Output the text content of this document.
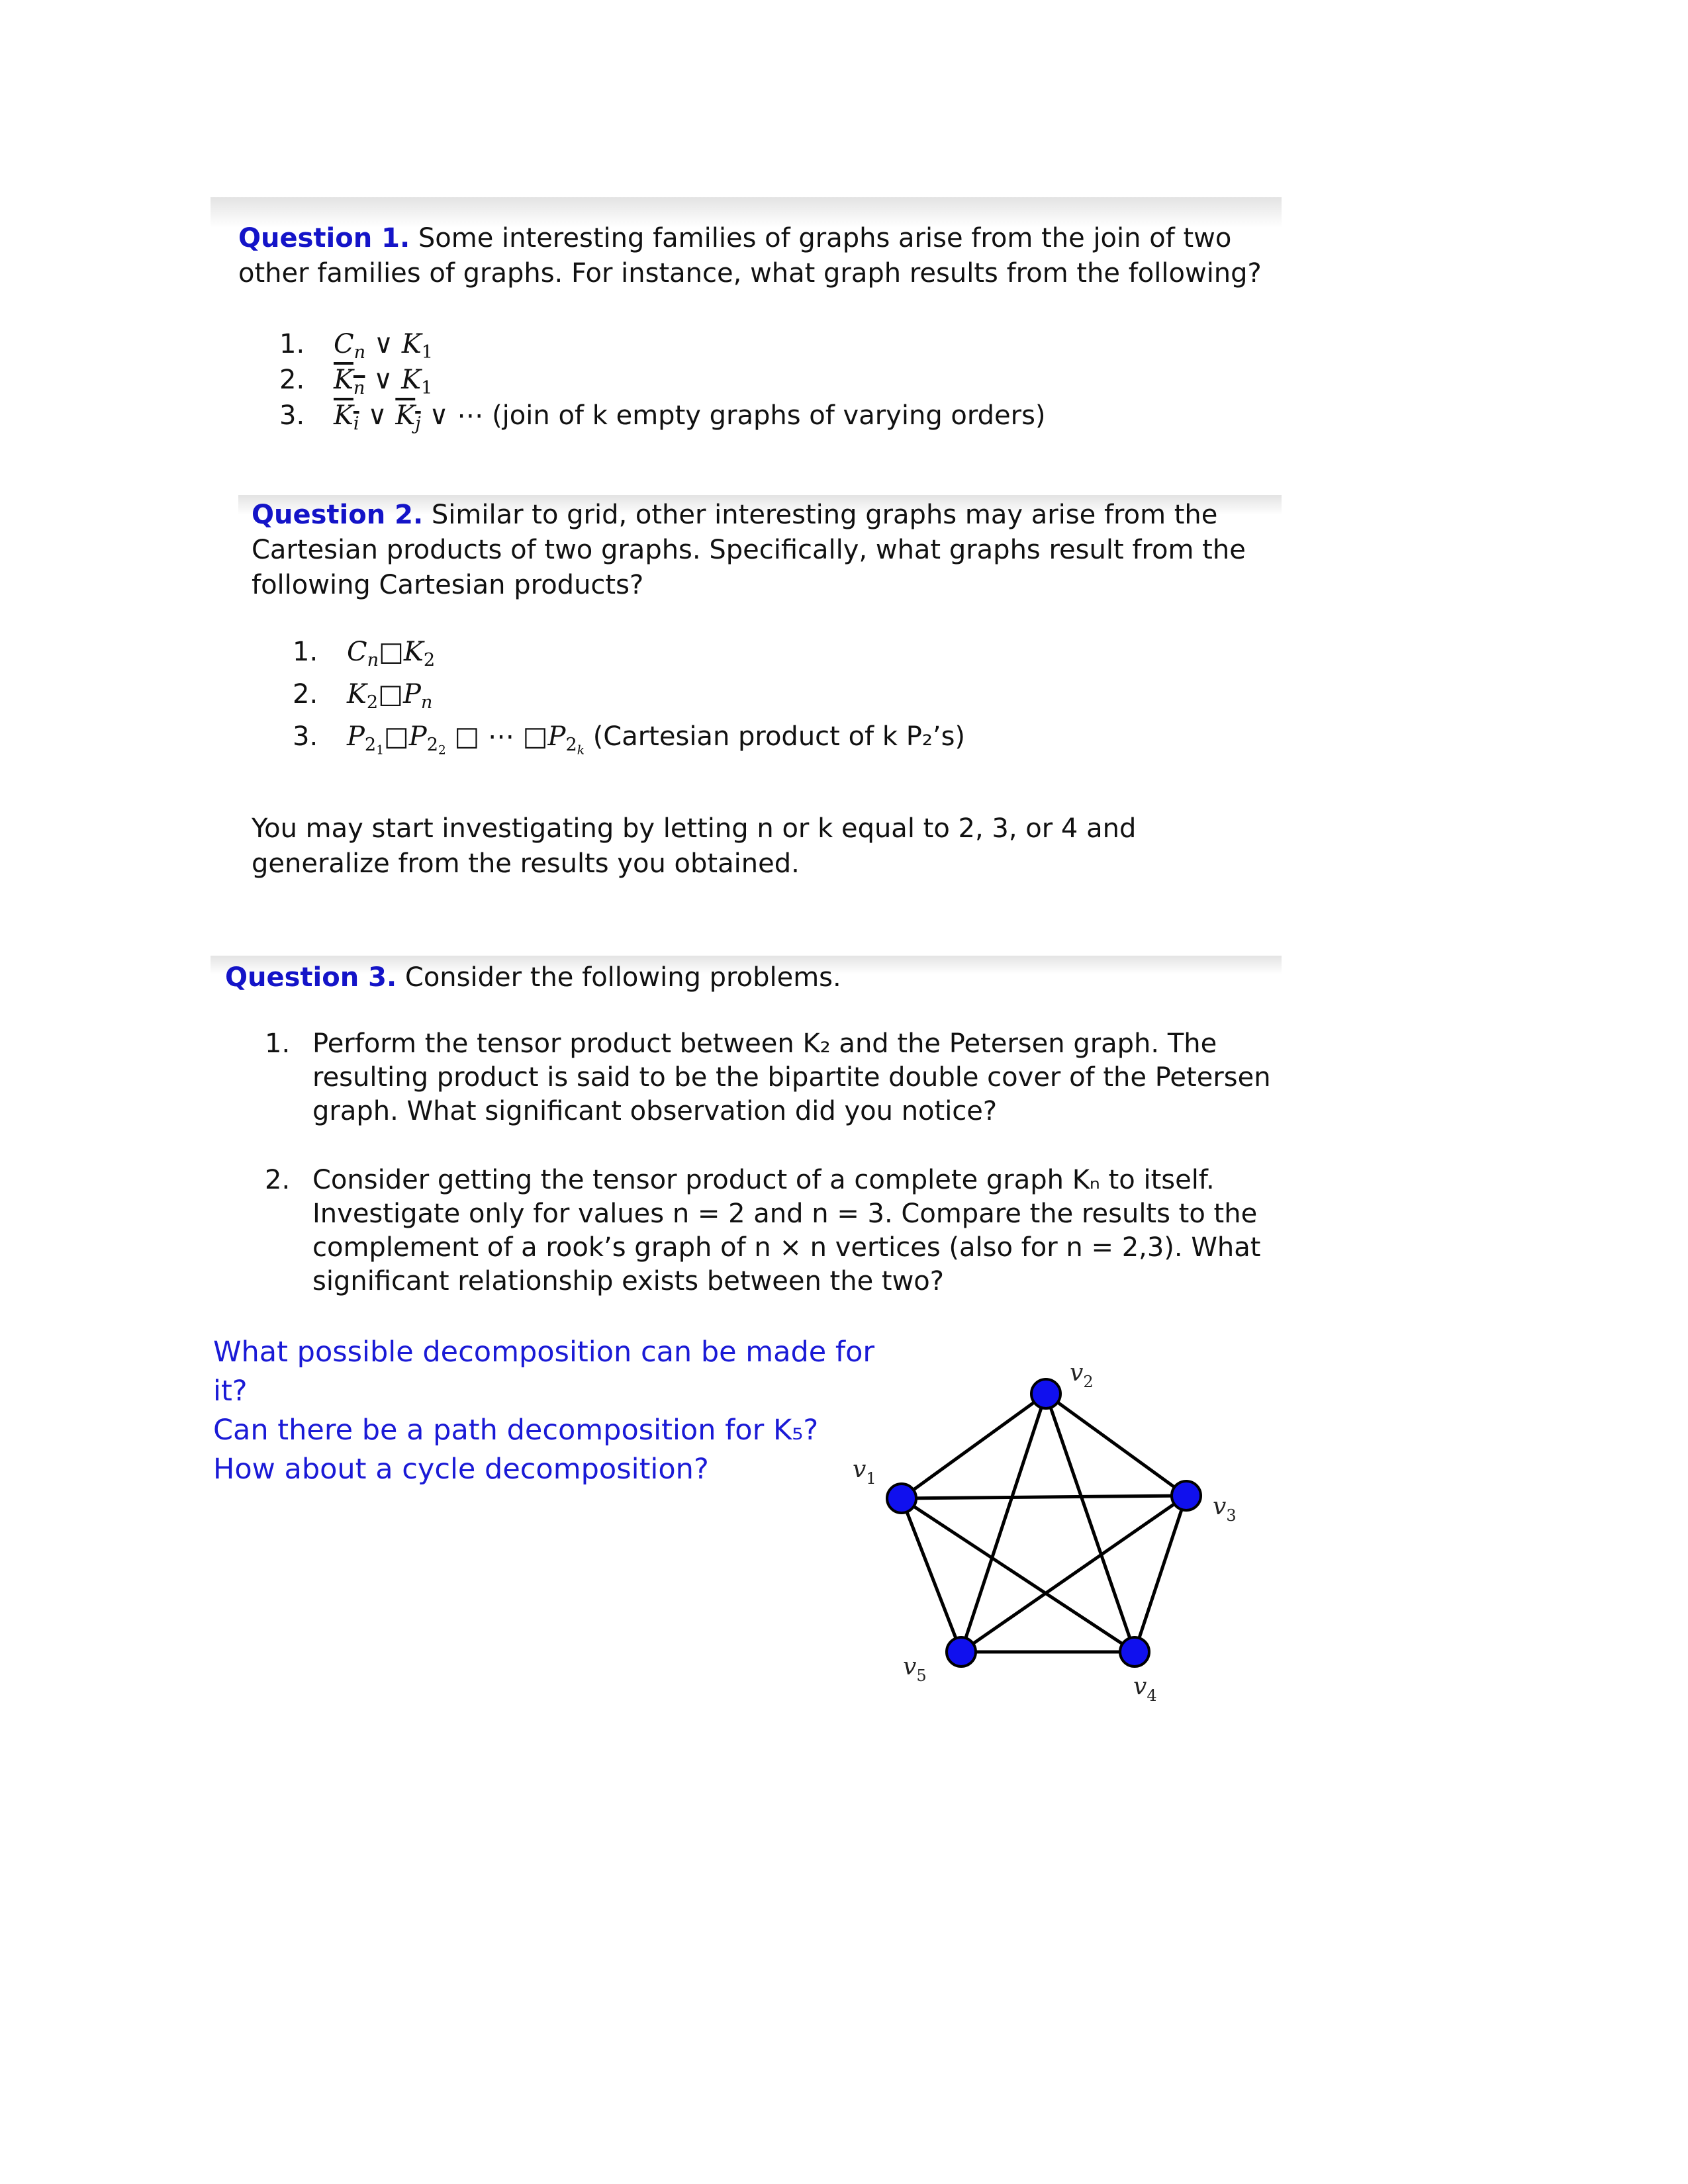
Question 1. Some interesting families of graphs arise from the join of two other families of graphs. For instance, what graph results from the following?

1. $C_n$ ∨ $K_1$
2. $K_n$ ∨ $K_1$
3. $K_i$ ∨ $K_j$ ∨ ⋯ (join of k empty graphs of varying orders)

Question 2. Similar to grid, other interesting graphs may arise from the Cartesian products of two graphs. Specifically, what graphs result from the following Cartesian products?

1. $C_n□K_2$
2. $K_2□P_n$
3. $P_{2_1}□P_{2_2}$ □ ⋯ $□P_{2_k}$ (Cartesian product of k P₂’s)

You may start investigating by letting n or k equal to 2, 3, or 4 and generalize from the results you obtained.

Question 3. Consider the following problems.

1. Perform the tensor product between K₂ and the Petersen graph. The resulting product is said to be the bipartite double cover of the Petersen graph. What significant observation did you notice?
2. Consider getting the tensor product of a complete graph Kₙ to itself. Investigate only for values n = 2 and n = 3. Compare the results to the complement of a rook’s graph of n × n vertices (also for n = 2,3). What significant relationship exists between the two?
What possible decomposition can be made for it?
Can there be a path decomposition for K₅?
How about a cycle decomposition?	$v_1$
$v_2$
$v_3$
$v_4$
$v_5$
